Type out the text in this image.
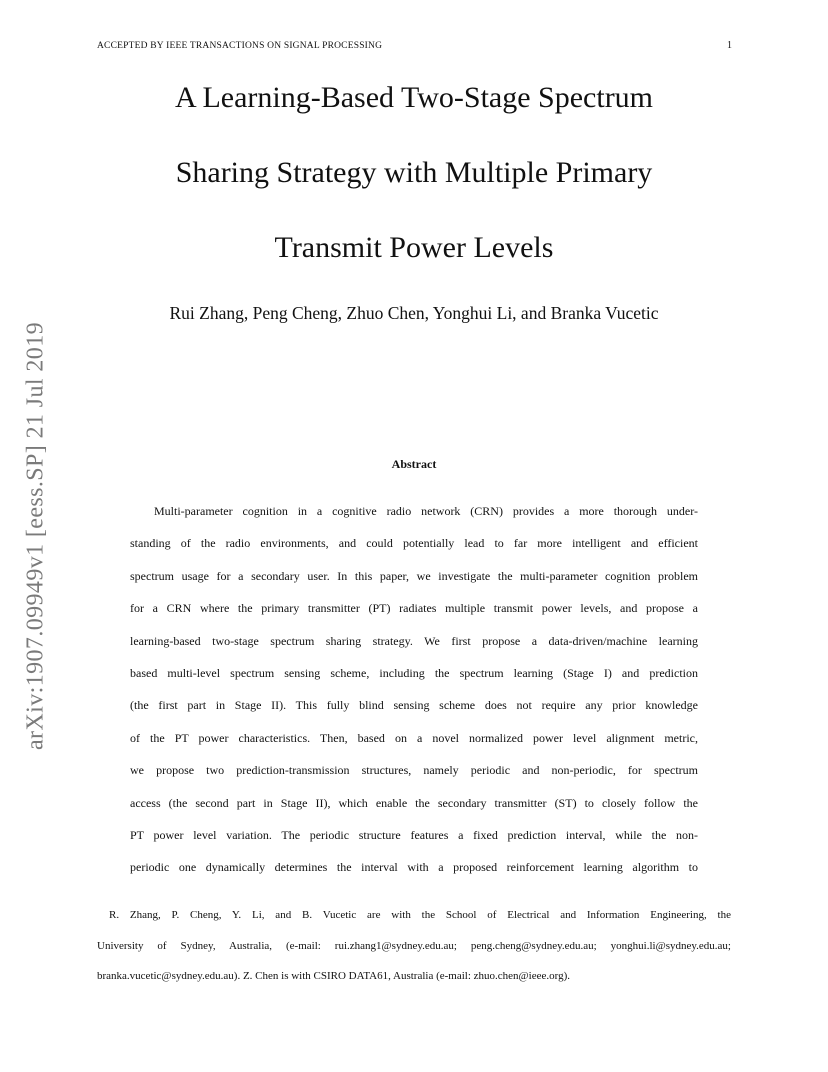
ACCEPTED BY IEEE TRANSACTIONS ON SIGNAL PROCESSING	1
A Learning-Based Two-Stage Spectrum
Sharing Strategy with Multiple Primary
Transmit Power Levels
Rui Zhang, Peng Cheng, Zhuo Chen, Yonghui Li, and Branka Vucetic
arXiv:1907.09949v1 [eess.SP] 21 Jul 2019	Abstract
Multi-parameter cognition in a cognitive radio network (CRN) provides a more thorough under-
standing of the radio environments, and could potentially lead to far more intelligent and efficient
spectrum usage for a secondary user. In this paper, we investigate the multi-parameter cognition problem
for a CRN where the primary transmitter (PT) radiates multiple transmit power levels, and propose a
learning-based two-stage spectrum sharing strategy. We first propose a data-driven/machine learning
based multi-level spectrum sensing scheme, including the spectrum learning (Stage I) and prediction
(the first part in Stage II). This fully blind sensing scheme does not require any prior knowledge
of the PT power characteristics. Then, based on a novel normalized power level alignment metric,
we propose two prediction-transmission structures, namely periodic and non-periodic, for spectrum
access (the second part in Stage II), which enable the secondary transmitter (ST) to closely follow the
PT power level variation. The periodic structure features a fixed prediction interval, while the non-
periodic one dynamically determines the interval with a proposed reinforcement learning algorithm to
R. Zhang, P. Cheng, Y. Li, and B. Vucetic are with the School of Electrical and Information Engineering, the
University of Sydney, Australia, (e-mail: rui.zhang1@sydney.edu.au; peng.cheng@sydney.edu.au; yonghui.li@sydney.edu.au;
branka.vucetic@sydney.edu.au). Z. Chen is with CSIRO DATA61, Australia (e-mail: zhuo.chen@ieee.org).
